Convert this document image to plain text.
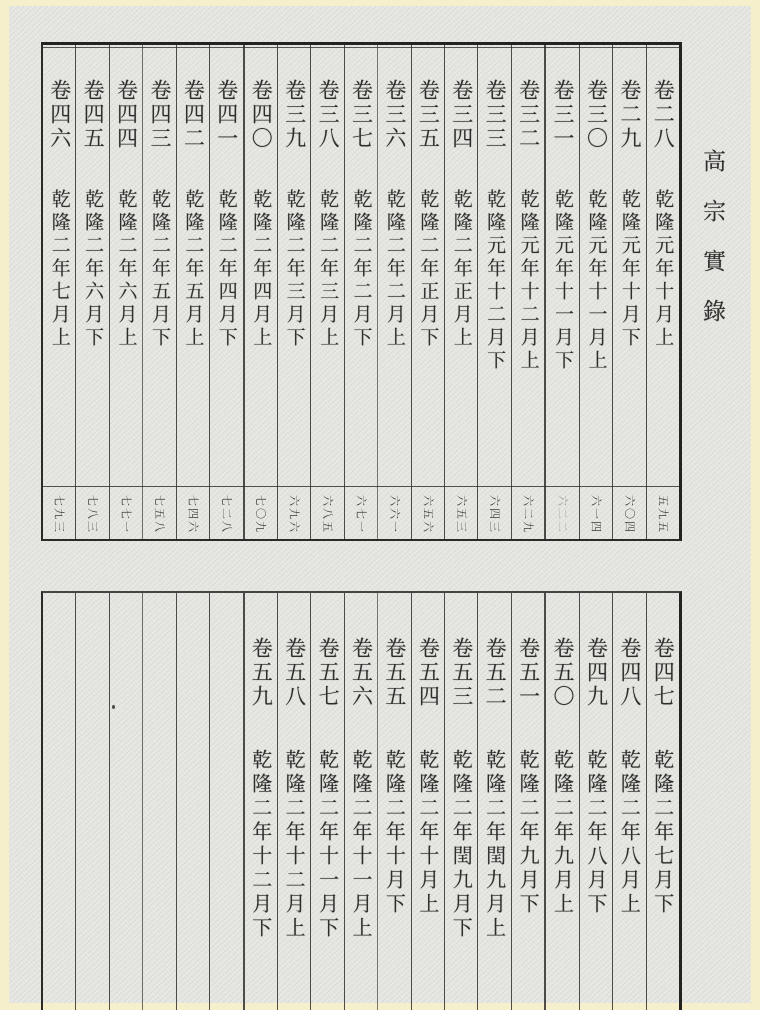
卷二八
乾隆元年十月上
五九五
卷二九
乾隆元年十月下
六〇四
卷三〇
乾隆元年十一月上
六一四
卷三一
乾隆元年十一月下
六二二
卷三二
乾隆元年十二月上
六二九
卷三三
乾隆元年十二月下
六四三
卷三四
乾隆二年正月上
六五三
卷三五
乾隆二年正月下
六五六
卷三六
乾隆二年二月上
六六一
卷三七
乾隆二年二月下
六七一
卷三八
乾隆二年三月上
六八五
卷三九
乾隆二年三月下
六九六
卷四〇
乾隆二年四月上
七〇九
卷四一
乾隆二年四月下
七二八
卷四二
乾隆二年五月上
七四六
卷四三
乾隆二年五月下
七五八
卷四四
乾隆二年六月上
七七一
卷四五
乾隆二年六月下
七八三
卷四六
乾隆二年七月上
七九三
卷四七
乾隆二年七月下
卷四八
乾隆二年八月上
卷四九
乾隆二年八月下
卷五〇
乾隆二年九月上
卷五一
乾隆二年九月下
卷五二
乾隆二年閏九月上
卷五三
乾隆二年閏九月下
卷五四
乾隆二年十月上
卷五五
乾隆二年十月下
卷五六
乾隆二年十一月上
卷五七
乾隆二年十一月下
卷五八
乾隆二年十二月上
卷五九
乾隆二年十二月下
高宗實錄
